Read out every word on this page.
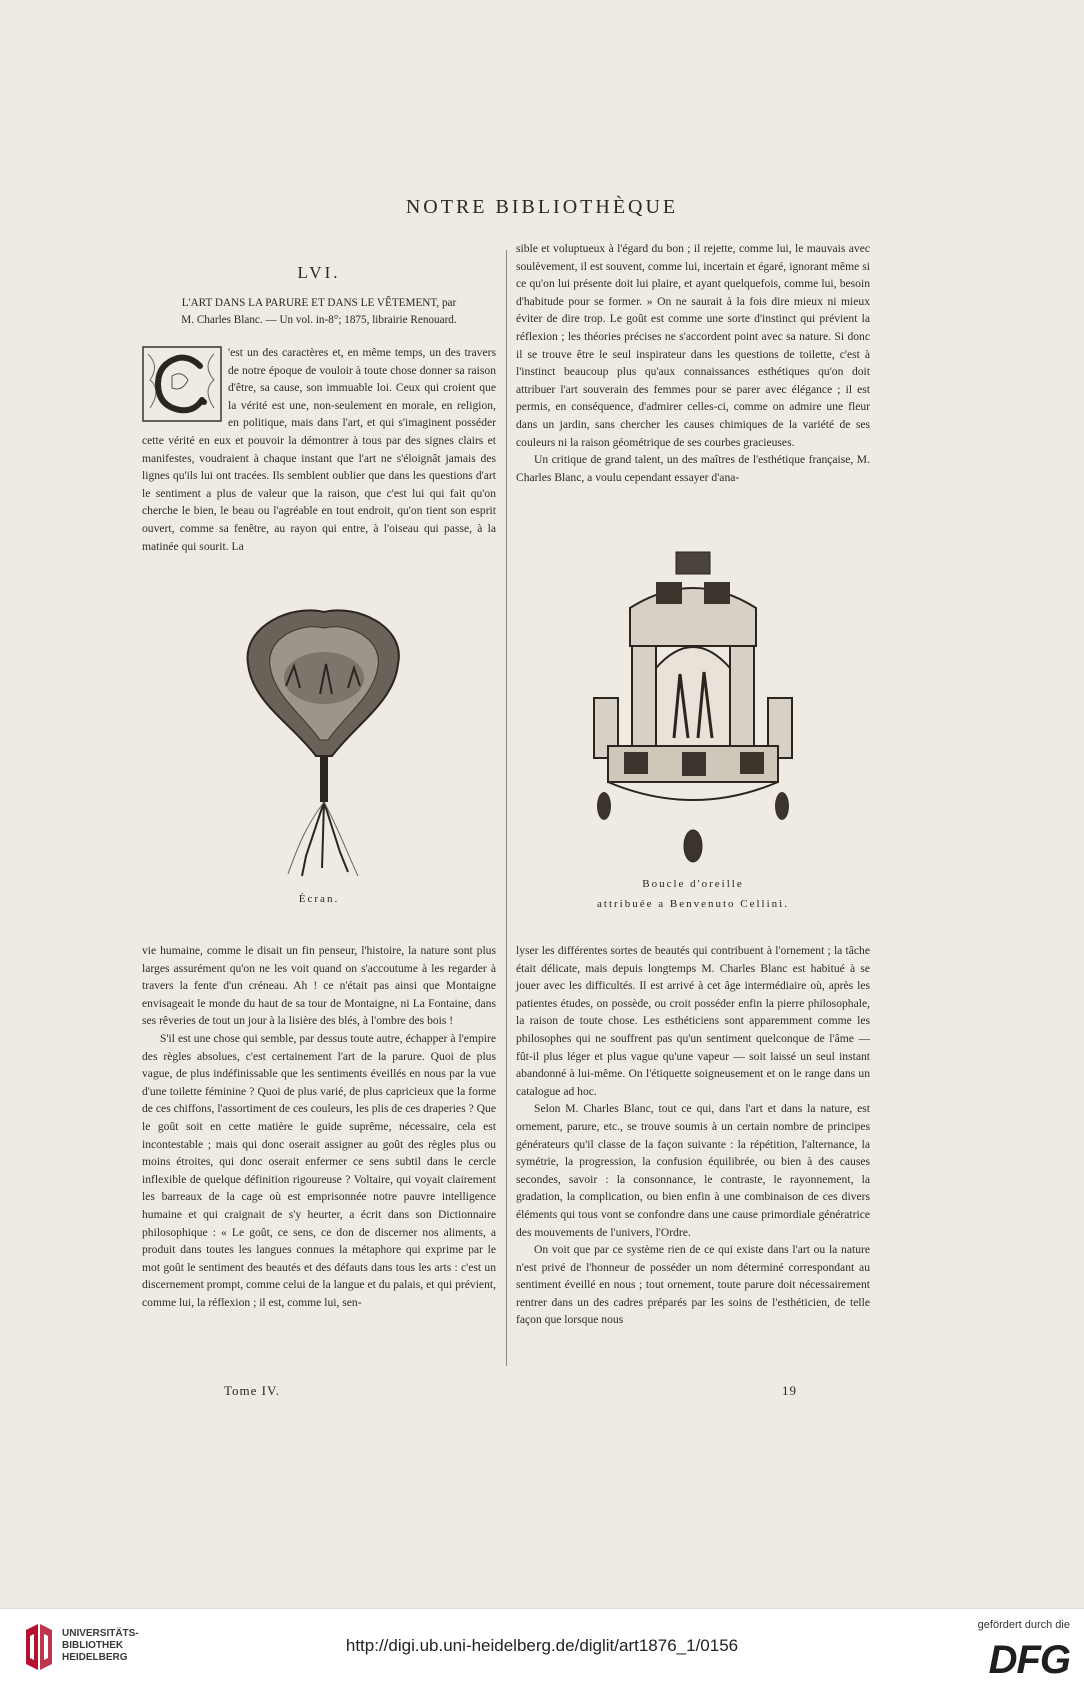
NOTRE BIBLIOTHÈQUE
LVI.
L'ART DANS LA PARURE ET DANS LE VÊTEMENT, par
M. Charles Blanc. — Un vol. in-8°; 1875, librairie Renouard.

'est un des caractères et, en même temps, un des travers de notre époque de vouloir à toute chose donner sa raison d'être, sa cause, son immuable loi. Ceux qui croient que la vérité est une, non-seulement en morale, en religion, en politique, mais dans l'art, et qui s'imaginent posséder cette vérité en eux et pouvoir la démontrer à tous par des signes clairs et manifestes, voudraient à chaque instant que l'art ne s'éloignât jamais des lignes qu'ils lui ont tracées. Ils semblent oublier que dans les questions d'art le sentiment a plus de valeur que la raison, que c'est lui qui fait qu'on cherche le bien, le beau ou l'agréable en tout endroit, qu'on tient son esprit ouvert, comme sa fenêtre, au rayon qui entre, à l'oiseau qui passe, à la matinée qui sourit. La

sible et voluptueux à l'égard du bon ; il rejette, comme lui, le mauvais avec soulèvement, il est souvent, comme lui, incertain et égaré, ignorant même si ce qu'on lui présente doit lui plaire, et ayant quelquefois, comme lui, besoin d'habitude pour se former. » On ne saurait à la fois dire mieux ni mieux éviter de dire trop. Le goût est comme une sorte d'instinct qui prévient la réflexion ; les théories précises ne s'accordent point avec sa nature. Si donc il se trouve être le seul inspirateur dans les questions de toilette, c'est à l'instinct beaucoup plus qu'aux connaissances esthétiques qu'on doit attribuer l'art souverain des femmes pour se parer avec élégance ; il est permis, en conséquence, d'admirer celles-ci, comme on admire une fleur dans un jardin, sans chercher les causes chimiques de la variété de ses couleurs ni la raison géométrique de ses courbes gracieuses.

Un critique de grand talent, un des maîtres de l'esthétique française, M. Charles Blanc, a voulu cependant essayer d'ana-

Écran.
Boucle d'oreille
attribuée a Benvenuto Cellini.

vie humaine, comme le disait un fin penseur, l'histoire, la nature sont plus larges assurément qu'on ne les voit quand on s'accoutume à les regarder à travers la fente d'un créneau. Ah ! ce n'était pas ainsi que Montaigne envisageait le monde du haut de sa tour de Montaigne, ni La Fontaine, dans ses rêveries de tout un jour à la lisière des blés, à l'ombre des bois !

S'il est une chose qui semble, par dessus toute autre, échapper à l'empire des règles absolues, c'est certainement l'art de la parure. Quoi de plus vague, de plus indéfinissable que les sentiments éveillés en nous par la vue d'une toilette féminine ? Quoi de plus varié, de plus capricieux que la forme de ces chiffons, l'assortiment de ces couleurs, les plis de ces draperies ? Que le goût soit en cette matière le guide suprême, nécessaire, cela est incontestable ; mais qui donc oserait assigner au goût des règles plus ou moins étroites, qui donc oserait enfermer ce sens subtil dans le cercle inflexible de quelque définition rigoureuse ? Voltaire, qui voyait clairement les barreaux de la cage où est emprisonnée notre pauvre intelligence humaine et qui craignait de s'y heurter, a écrit dans son Dictionnaire philosophique : « Le goût, ce sens, ce don de discerner nos aliments, a produit dans toutes les langues connues la métaphore qui exprime par le mot goût le sentiment des beautés et des défauts dans tous les arts : c'est un discernement prompt, comme celui de la langue et du palais, et qui prévient, comme lui, la réflexion ; il est, comme lui, sen-

lyser les différentes sortes de beautés qui contribuent à l'ornement ; la tâche était délicate, mais depuis longtemps M. Charles Blanc est habitué à se jouer avec les difficultés. Il est arrivé à cet âge intermédiaire où, après les patientes études, on possède, ou croit posséder enfin la pierre philosophale, la raison de toute chose. Les esthéticiens sont apparemment comme les philosophes qui ne souffrent pas qu'un sentiment quelconque de l'âme — fût-il plus léger et plus vague qu'une vapeur — soit laissé un seul instant abandonné à lui-même. On l'étiquette soigneusement et on le range dans un catalogue ad hoc.

Selon M. Charles Blanc, tout ce qui, dans l'art et dans la nature, est ornement, parure, etc., se trouve soumis à un certain nombre de principes générateurs qu'il classe de la façon suivante : la répétition, l'alternance, la symétrie, la progression, la confusion équilibrée, ou bien à des causes secondes, savoir : la consonnance, le contraste, le rayonnement, la gradation, la complication, ou bien enfin à une combinaison de ces divers éléments qui tous vont se confondre dans une cause primordiale génératrice des mouvements de l'univers, l'Ordre.

On voit que par ce système rien de ce qui existe dans l'art ou la nature n'est privé de l'honneur de posséder un nom déterminé correspondant au sentiment éveillé en nous ; tout ornement, toute parure doit nécessairement rentrer dans un des cadres préparés par les soins de l'esthéticien, de telle façon que lorsque nous

Tome IV.	19
UNIVERSITÄTS-
BIBLIOTHEK
HEIDELBERG
http://digi.ub.uni-heidelberg.de/diglit/art1876_1/0156
gefördert durch die
DFG
